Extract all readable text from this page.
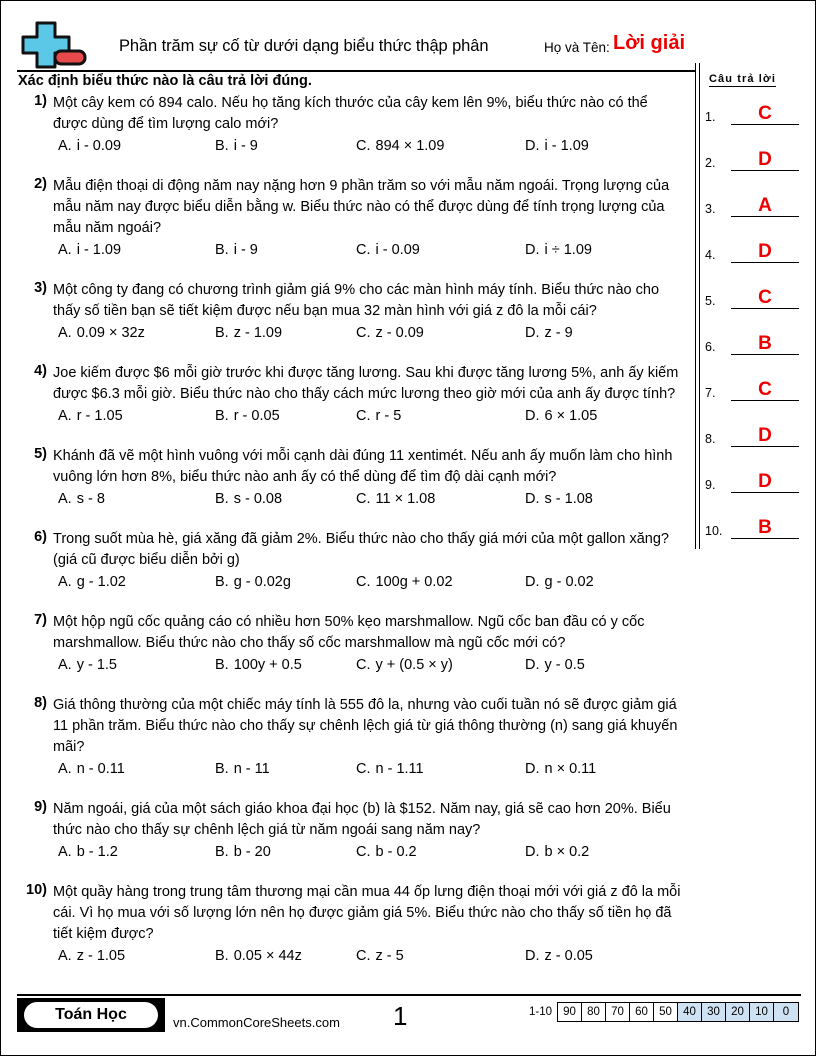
Phần trăm sự cố từ dưới dạng biểu thức thập phân	Họ và Tên: Lời giải
Xác định biểu thức nào là câu trả lời đúng.	Câu trả lời
1.	C
2.	D
3.	A
4.	D
5.	C
6.	B
7.	C
8.	D
9.	D
10.	B
1) Một cây kem có 894 calo. Nếu họ tăng kích thước của cây kem lên 9%, biểu thức nào có thể được dùng để tìm lượng calo mới?
A. i - 0.09	B. i - 9	C. 894 × 1.09	D. i - 1.09
2) Mẫu điện thoại di động năm nay nặng hơn 9 phần trăm so với mẫu năm ngoái. Trọng lượng của mẫu năm nay được biểu diễn bằng w. Biểu thức nào có thể được dùng để tính trọng lượng của mẫu năm ngoái?
A. i - 1.09	B. i - 9	C. i - 0.09	D. i ÷ 1.09
3) Một công ty đang có chương trình giảm giá 9% cho các màn hình máy tính. Biểu thức nào cho thấy số tiền bạn sẽ tiết kiệm được nếu bạn mua 32 màn hình với giá z đô la mỗi cái?
A. 0.09 × 32z	B. z - 1.09	C. z - 0.09	D. z - 9
4) Joe kiếm được $6 mỗi giờ trước khi được tăng lương. Sau khi được tăng lương 5%, anh ấy kiếm được $6.3 mỗi giờ. Biểu thức nào cho thấy cách mức lương theo giờ mới của anh ấy được tính?
A. r - 1.05	B. r - 0.05	C. r - 5	D. 6 × 1.05
5) Khánh đã vẽ một hình vuông với mỗi cạnh dài đúng 11 xentimét. Nếu anh ấy muốn làm cho hình vuông lớn hơn 8%, biểu thức nào anh ấy có thể dùng để tìm độ dài cạnh mới?
A. s - 8	B. s - 0.08	C. 11 × 1.08	D. s - 1.08
6) Trong suốt mùa hè, giá xăng đã giảm 2%. Biểu thức nào cho thấy giá mới của một gallon xăng? (giá cũ được biểu diễn bởi g)
A. g - 1.02	B. g - 0.02g	C. 100g + 0.02	D. g - 0.02
7) Một hộp ngũ cốc quảng cáo có nhiều hơn 50% kẹo marshmallow. Ngũ cốc ban đầu có y cốc marshmallow. Biểu thức nào cho thấy số cốc marshmallow mà ngũ cốc mới có?
A. y - 1.5	B. 100y + 0.5	C. y + (0.5 × y)	D. y - 0.5
8) Giá thông thường của một chiếc máy tính là 555 đô la, nhưng vào cuối tuần nó sẽ được giảm giá 11 phần trăm. Biểu thức nào cho thấy sự chênh lệch giá từ giá thông thường (n) sang giá khuyến mãi?
A. n - 0.11	B. n - 11	C. n - 1.11	D. n × 0.11
9) Năm ngoái, giá của một sách giáo khoa đại học (b) là $152. Năm nay, giá sẽ cao hơn 20%. Biểu thức nào cho thấy sự chênh lệch giá từ năm ngoái sang năm nay?
A. b - 1.2	B. b - 20	C. b - 0.2	D. b × 0.2
10) Một quầy hàng trong trung tâm thương mại cần mua 44 ốp lưng điện thoại mới với giá z đô la mỗi cái. Vì họ mua với số lượng lớn nên họ được giảm giá 5%. Biểu thức nào cho thấy số tiền họ đã tiết kiệm được?
A. z - 1.05	B. 0.05 × 44z	C. z - 5	D. z - 0.05
Toán Học	vn.CommonCoreSheets.com 1	1-10 90 80 70 60 50 40 30 20 10	0
